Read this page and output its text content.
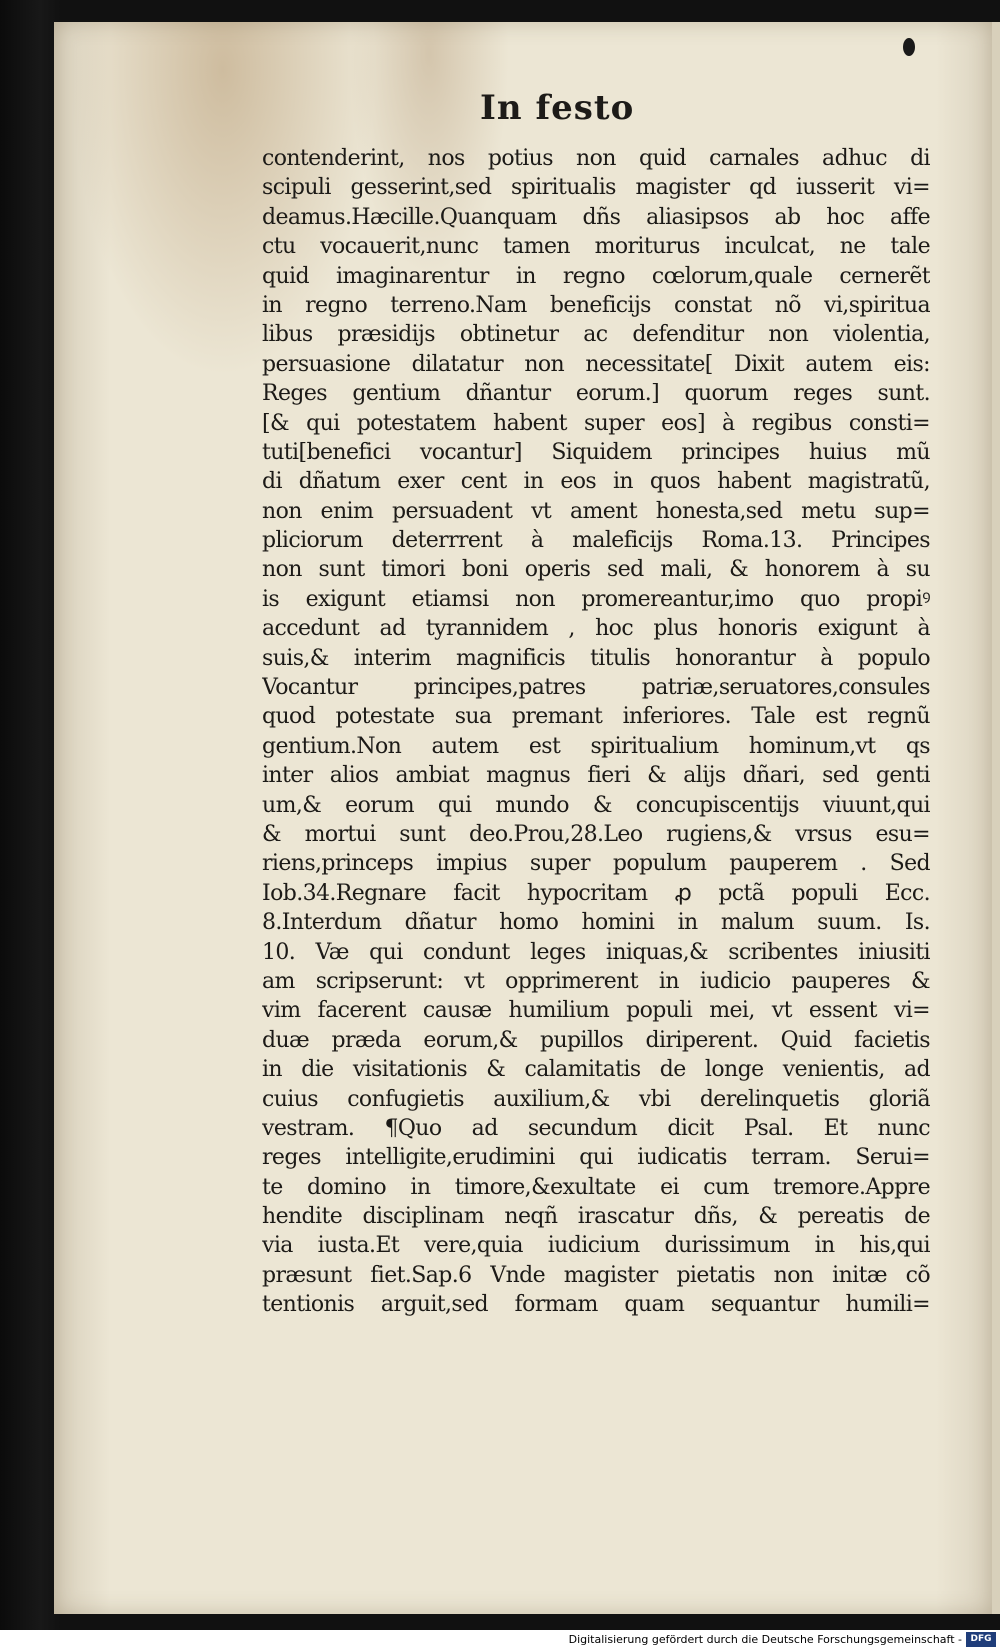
In festo
contenderint, nos potius non quid carnales adhuc di
scipuli gesserint,sed spiritualis magister qd iusserit vi=
deamus.Hæcille.Quanquam dñs aliasipsos ab hoc affe
ctu vocauerit,nunc tamen moriturus inculcat, ne tale
quid imaginarentur in regno cœlorum,quale cernerẽt
in regno terreno.Nam beneficijs constat nõ vi,spiritua
libus præsidijs obtinetur ac defenditur non violentia,
persuasione dilatatur non necessitate[ Dixit autem eis:
Reges gentium dñantur eorum.] quorum reges sunt.
[& qui potestatem habent super eos] à regibus consti=
tuti[benefici vocantur] Siquidem principes huius mũ
di dñatum exer cent in eos in quos habent magistratũ,
non enim persuadent vt ament honesta,sed metu sup=
pliciorum deterrrent à maleficijs Roma.13. Principes
non sunt timori boni operis sed mali, & honorem à su
is exigunt etiamsi non promereantur,imo quo propiꝰ
accedunt ad tyrannidem , hoc plus honoris exigunt à
suis,& interim magnificis titulis honorantur à populo
Vocantur principes,patres patriæ,seruatores,consules
quod potestate sua premant inferiores. Tale est regnũ
gentium.Non autem est spiritualium hominum,vt qs
inter alios ambiat magnus fieri & alijs dñari, sed genti
um,& eorum qui mundo & concupiscentijs viuunt,qui
& mortui sunt deo.Prou,28.Leo rugiens,& vrsus esu=
riens,princeps impius super populum pauperem . Sed
Iob.34.Regnare facit hypocritam ꝓ pctã populi Ecc.
8.Interdum dñatur homo homini in malum suum. Is.
10. Væ qui condunt leges iniquas,& scribentes iniusiti
am scripserunt: vt opprimerent in iudicio pauperes &
vim facerent causæ humilium populi mei, vt essent vi=
duæ præda eorum,& pupillos diriperent. Quid facietis
in die visitationis & calamitatis de longe venientis, ad
cuius confugietis auxilium,& vbi derelinquetis gloriã
vestram. ¶Quo ad secundum dicit Psal. Et nunc
reges intelligite,erudimini qui iudicatis terram. Serui=
te domino in timore,&exultate ei cum tremore.Appre
hendite disciplinam neqñ irascatur dñs, & pereatis de
via iusta.Et vere,quia iudicium durissimum in his,qui
præsunt fiet.Sap.6 Vnde magister pietatis non initæ cõ
tentionis arguit,sed formam quam sequantur humili=
Digitalisierung gefördert durch die Deutsche Forschungsgemeinschaft - DFG
